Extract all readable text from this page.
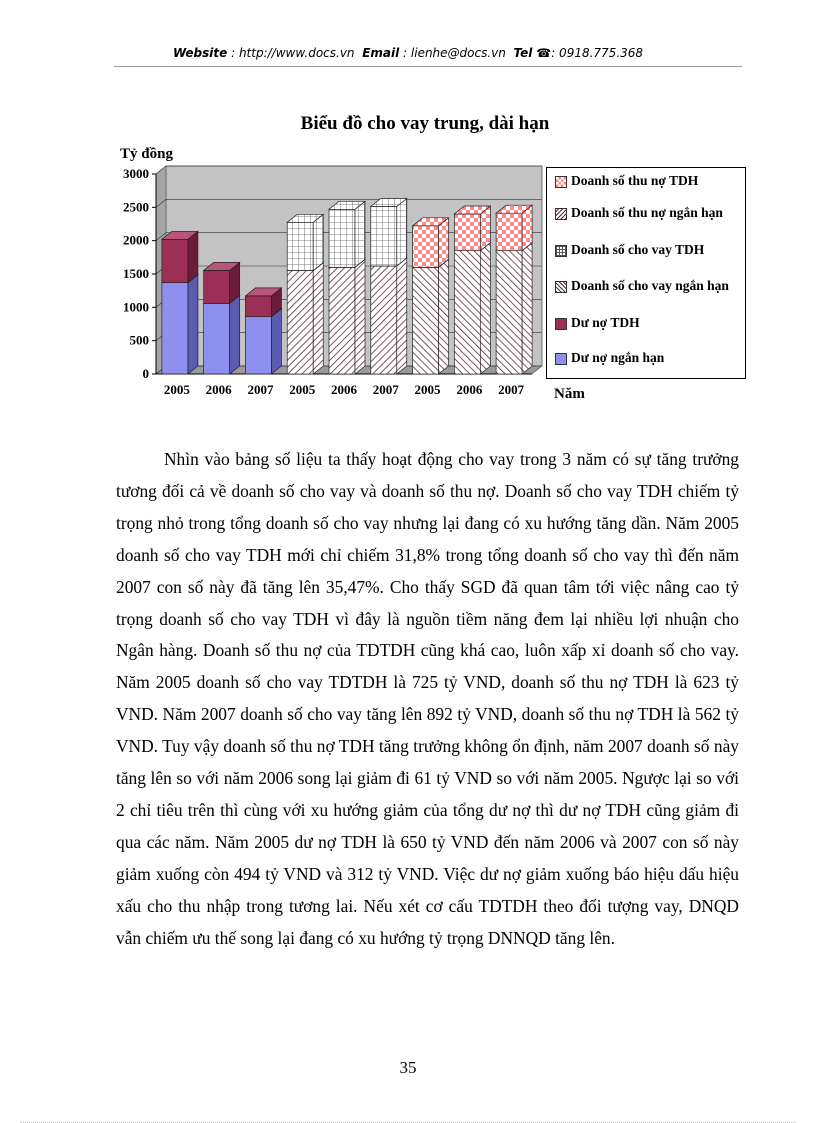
Website : http://www.docs.vn Email : lienhe@docs.vn Tel ☎: 0918.775.368
Biểu đồ cho vay trung, dài hạn
0
500
1000
1500
2000
2500
3000
Tỷ đồng
Năm
2005 2006 2007 2005 2006 2007 2005 2006 2007
Doanh số thu nợ TDH
Doanh số thu nợ ngắn hạn
Doanh số cho vay TDH
Doanh số cho vay ngắn hạn
Dư nợ TDH
Dư nợ ngắn hạn

Nhìn vào bảng số liệu ta thấy hoạt động cho vay trong 3 năm có sự tăng trưởng tương đối cả về doanh số cho vay và doanh số thu nợ. Doanh số cho vay TDH chiếm tỷ trọng nhỏ trong tổng doanh số cho vay nhưng lại đang có xu hướng tăng dần. Năm 2005 doanh số cho vay TDH mới chỉ chiếm 31,8% trong tổng doanh số cho vay thì đến năm 2007 con số này đã tăng lên 35,47%. Cho thấy SGD đã quan tâm tới việc nâng cao tỷ trọng doanh số cho vay TDH vì đây là nguồn tiềm năng đem lại nhiều lợi nhuận cho Ngân hàng. Doanh số thu nợ của TDTDH cũng khá cao, luôn xấp xỉ doanh số cho vay. Năm 2005 doanh số cho vay TDTDH là 725 tỷ VND, doanh số thu nợ TDH là 623 tỷ VND. Năm 2007 doanh số cho vay tăng lên 892 tỷ VND, doanh số thu nợ TDH là 562 tỷ VND. Tuy vậy doanh số thu nợ TDH tăng trưởng không ổn định, năm 2007 doanh số này tăng lên so với năm 2006 song lại giảm đi 61 tỷ VND so với năm 2005. Ngược lại so với 2 chỉ tiêu trên thì cùng với xu hướng giảm của tổng dư nợ thì dư nợ TDH cũng giảm đi qua các năm. Năm 2005 dư nợ TDH là 650 tỷ VND đến năm 2006 và 2007 con số này giảm xuống còn 494 tỷ VND và 312 tỷ VND. Việc dư nợ giảm xuống báo hiệu dấu hiệu xấu cho thu nhập trong tương lai. Nếu xét cơ cấu TDTDH theo đối tượng vay, DNQD vẫn chiếm ưu thế song lại đang có xu hướng tỷ trọng DNNQD tăng lên.

35
